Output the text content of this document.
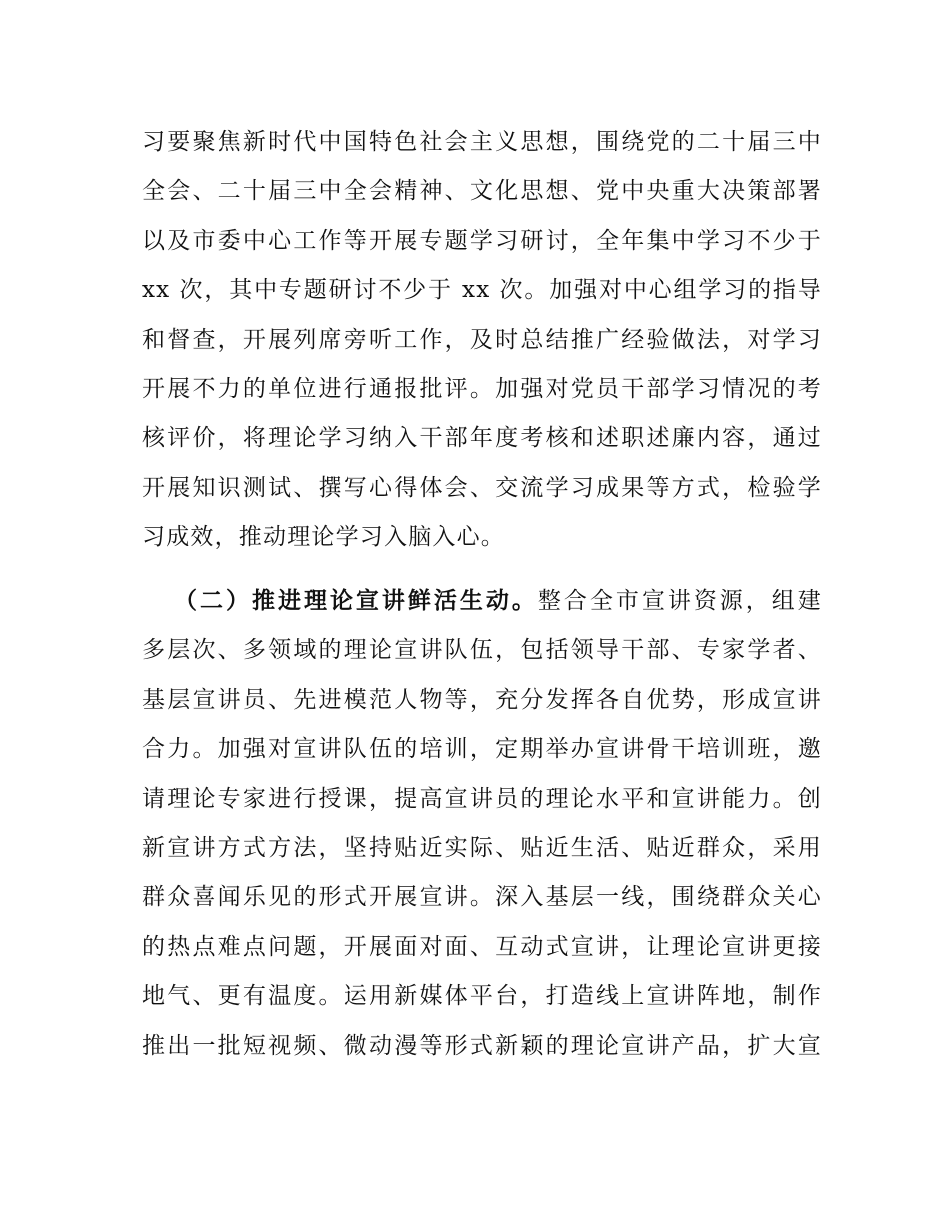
习要聚焦新时代中国特色社会主义思想，围绕党的二十届三中
全会、二十届三中全会精神、文化思想、党中央重大决策部署
以及市委中心工作等开展专题学习研讨，全年集中学习不少于
xx 次，其中专题研讨不少于 xx 次。加强对中心组学习的指导
和督查，开展列席旁听工作，及时总结推广经验做法，对学习
开展不力的单位进行通报批评。加强对党员干部学习情况的考
核评价，将理论学习纳入干部年度考核和述职述廉内容，通过
开展知识测试、撰写心得体会、交流学习成果等方式，检验学
习成效，推动理论学习入脑入心。
（二）推进理论宣讲鲜活生动。整合全市宣讲资源，组建
多层次、多领域的理论宣讲队伍，包括领导干部、专家学者、
基层宣讲员、先进模范人物等，充分发挥各自优势，形成宣讲
合力。加强对宣讲队伍的培训，定期举办宣讲骨干培训班，邀
请理论专家进行授课，提高宣讲员的理论水平和宣讲能力。创
新宣讲方式方法，坚持贴近实际、贴近生活、贴近群众，采用
群众喜闻乐见的形式开展宣讲。深入基层一线，围绕群众关心
的热点难点问题，开展面对面、互动式宣讲，让理论宣讲更接
地气、更有温度。运用新媒体平台，打造线上宣讲阵地，制作
推出一批短视频、微动漫等形式新颖的理论宣讲产品，扩大宣
